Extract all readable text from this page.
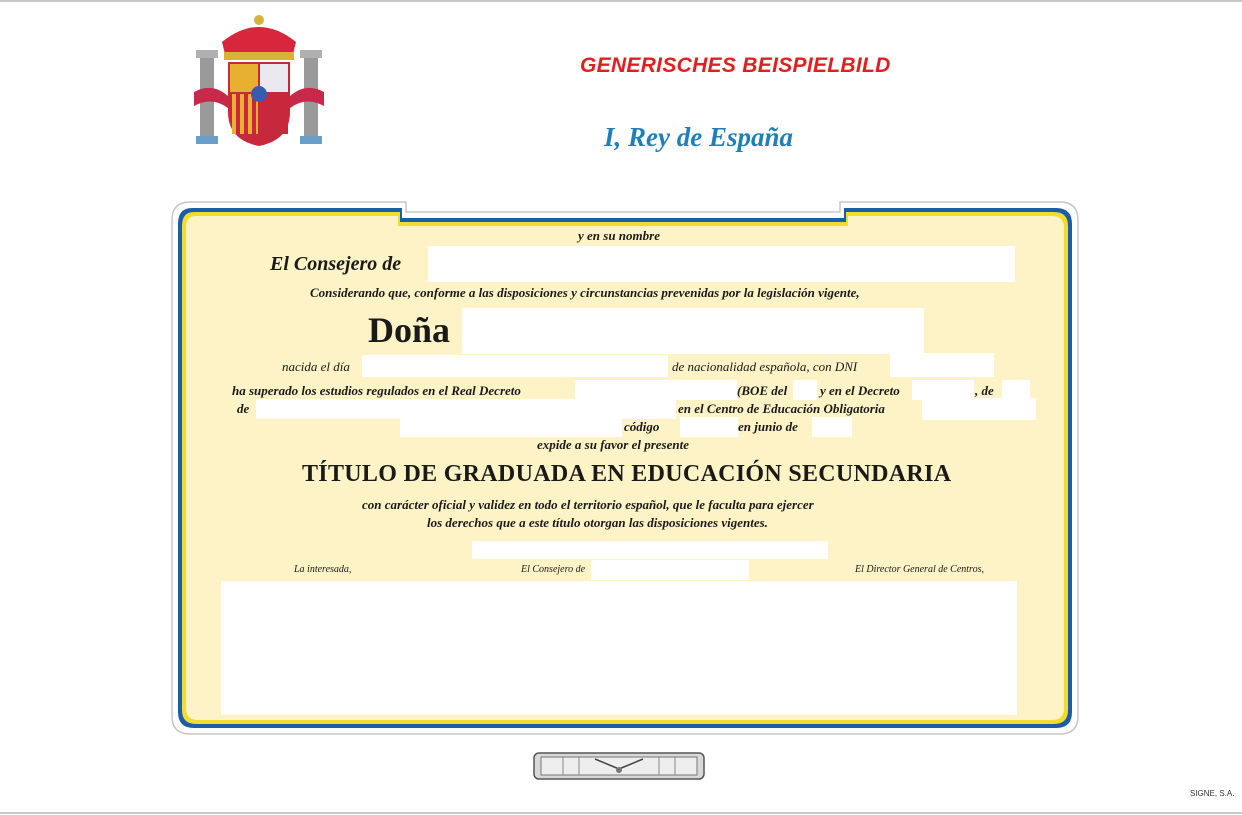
GENERISCHES BEISPIELBILD
I, Rey de España
y en su nombre
El Consejero de
Considerando que, conforme a las disposiciones y circunstancias prevenidas por la legislación vigente,
Doña
nacida el día	de nacionalidad española, con DNI
ha superado los estudios regulados en el Real Decreto	(BOE del	y en el Decreto	, de
de	en el Centro de Educación Obligatoria
código	en junio de
expide a su favor el presente
TÍTULO DE GRADUADA EN EDUCACIÓN SECUNDARIA
con carácter oficial y validez en todo el territorio español, que le faculta para ejercer
los derechos que a este título otorgan las disposiciones vigentes.
La interesada,	El Consejero de	El Director General de Centros,
SIGNE, S.A.
